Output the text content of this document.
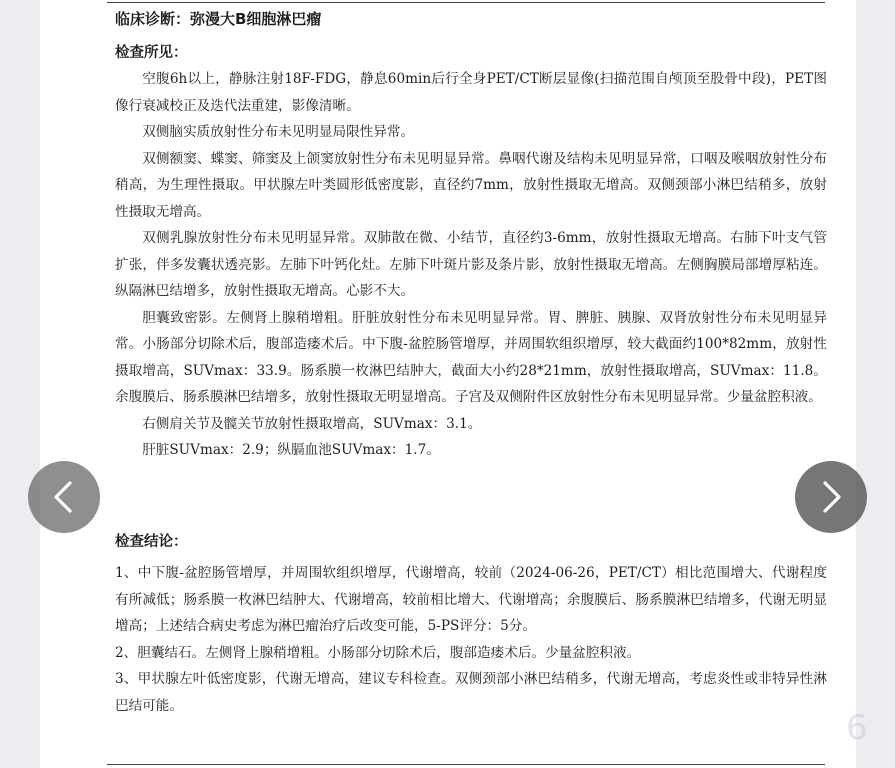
临床诊断：弥漫大B细胞淋巴瘤
检查所见：

空腹6h以上，静脉注射18F-FDG，静息60min后行全身PET/CT断层显像(扫描范围自颅顶至股骨中段)，PET图像行衰减校正及迭代法重建，影像清晰。

双侧脑实质放射性分布未见明显局限性异常。

双侧额窦、蝶窦、筛窦及上颌窦放射性分布未见明显异常。鼻咽代谢及结构未见明显异常，口咽及喉咽放射性分布稍高，为生理性摄取。甲状腺左叶类圆形低密度影，直径约7mm，放射性摄取无增高。双侧颈部小淋巴结稍多，放射性摄取无增高。

双侧乳腺放射性分布未见明显异常。双肺散在微、小结节，直径约3-6mm，放射性摄取无增高。右肺下叶支气管扩张，伴多发囊状透亮影。左肺下叶钙化灶。左肺下叶斑片影及条片影，放射性摄取无增高。左侧胸膜局部增厚粘连。纵隔淋巴结增多，放射性摄取无增高。心影不大。

胆囊致密影。左侧肾上腺稍增粗。肝脏放射性分布未见明显异常。胃、脾脏、胰腺、双肾放射性分布未见明显异常。小肠部分切除术后，腹部造瘘术后。中下腹-盆腔肠管增厚，并周围软组织增厚，较大截面约100*82mm，放射性摄取增高，SUVmax：33.9。肠系膜一枚淋巴结肿大，截面大小约28*21mm，放射性摄取增高，SUVmax：11.8。余腹膜后、肠系膜淋巴结增多，放射性摄取无明显增高。子宫及双侧附件区放射性分布未见明显异常。少量盆腔积液。

右侧肩关节及髋关节放射性摄取增高，SUVmax：3.1。

肝脏SUVmax：2.9；纵膈血池SUVmax：1.7。

检查结论：

1、中下腹-盆腔肠管增厚，并周围软组织增厚，代谢增高，较前（2024-06-26，PET/CT）相比范围增大、代谢程度有所减低；肠系膜一枚淋巴结肿大、代谢增高，较前相比增大、代谢增高；余腹膜后、肠系膜淋巴结增多，代谢无明显增高；上述结合病史考虑为淋巴瘤治疗后改变可能，5-PS评分：5分。

2、胆囊结石。左侧肾上腺稍增粗。小肠部分切除术后，腹部造瘘术后。少量盆腔积液。

3、甲状腺左叶低密度影，代谢无增高，建议专科检查。双侧颈部小淋巴结稍多，代谢无增高，考虑炎性或非特异性淋巴结可能。

6
